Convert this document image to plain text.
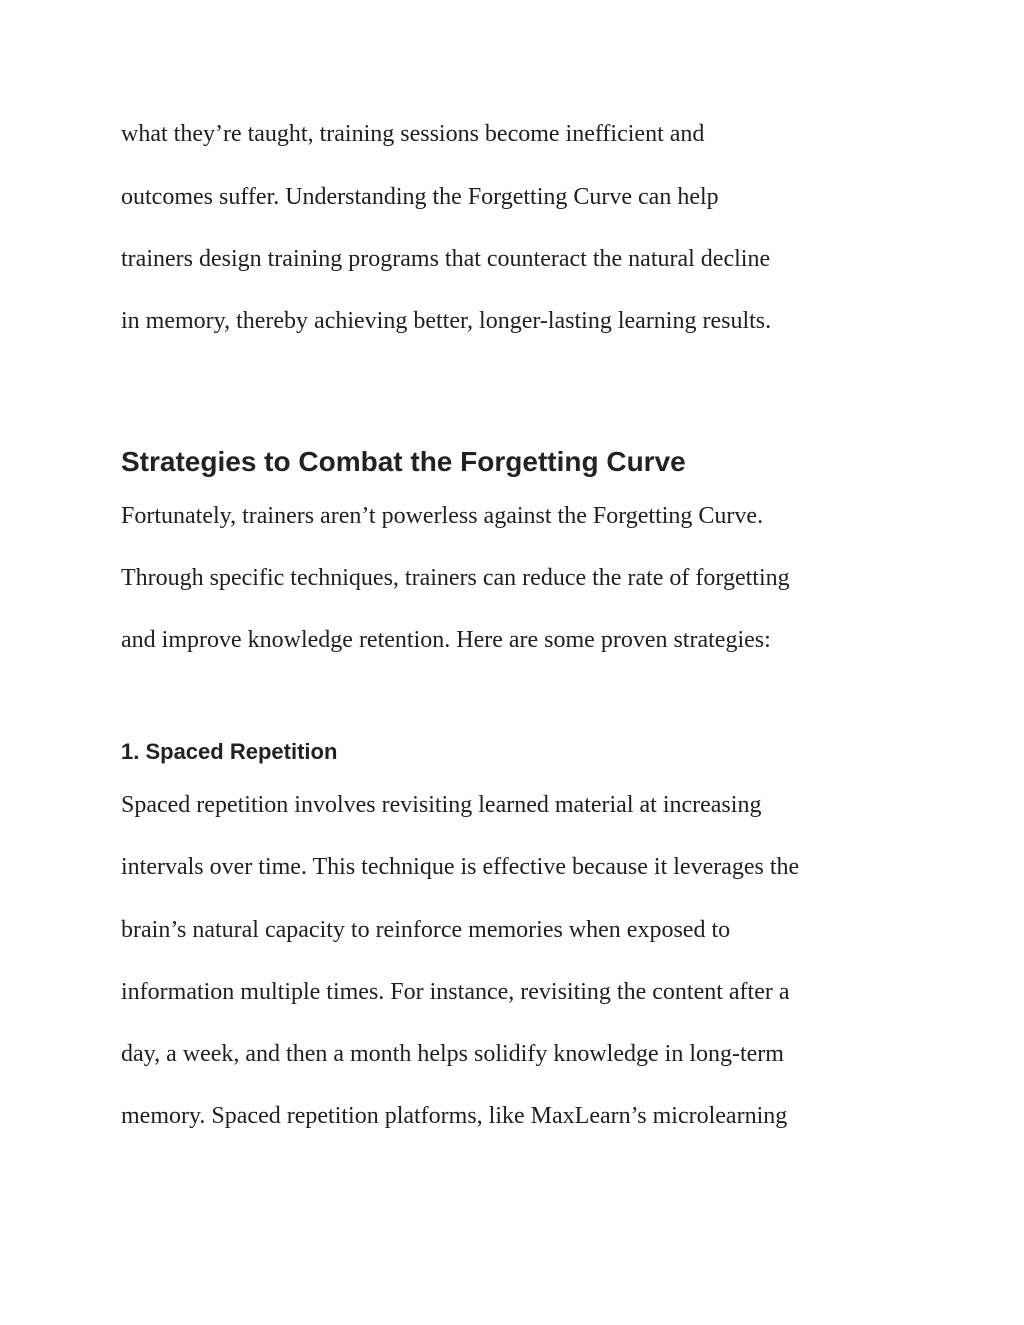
what they’re taught, training sessions become inefficient and

outcomes suffer. Understanding the Forgetting Curve can help

trainers design training programs that counteract the natural decline

in memory, thereby achieving better, longer-lasting learning results.

Strategies to Combat the Forgetting Curve

Fortunately, trainers aren’t powerless against the Forgetting Curve.

Through specific techniques, trainers can reduce the rate of forgetting

and improve knowledge retention. Here are some proven strategies:

1. Spaced Repetition

Spaced repetition involves revisiting learned material at increasing

intervals over time. This technique is effective because it leverages the

brain’s natural capacity to reinforce memories when exposed to

information multiple times. For instance, revisiting the content after a

day, a week, and then a month helps solidify knowledge in long-term

memory. Spaced repetition platforms, like MaxLearn’s microlearning
